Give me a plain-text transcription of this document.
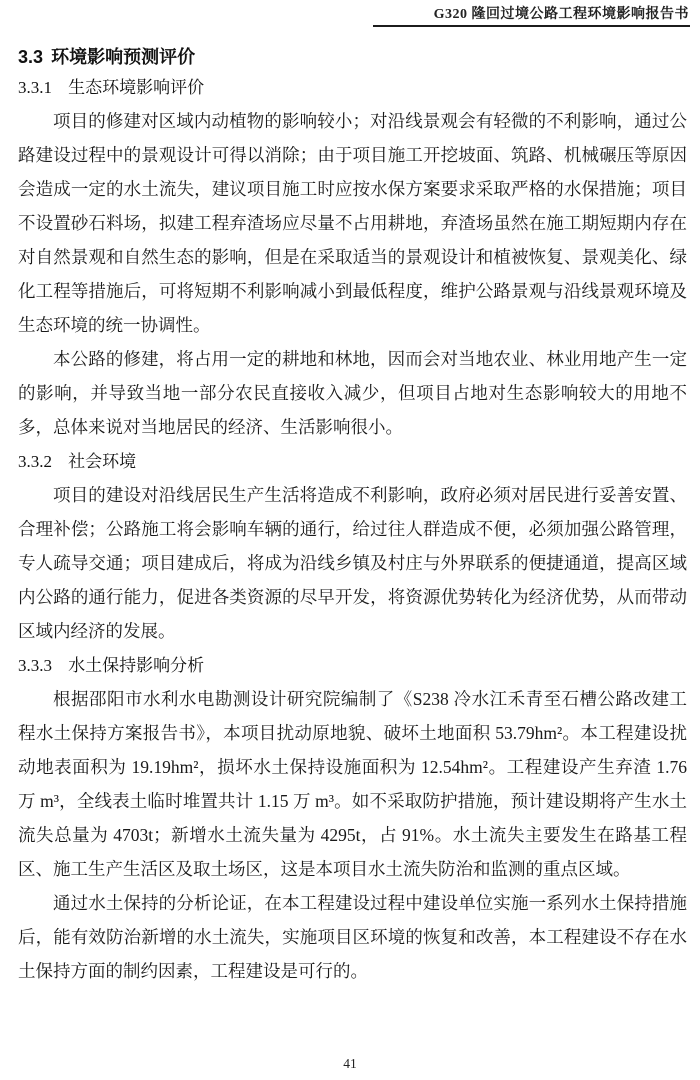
G320 隆回过境公路工程环境影响报告书
3.3 环境影响预测评价
3.3.1 生态环境影响评价

项目的修建对区域内动植物的影响较小；对沿线景观会有轻微的不利影响，通过公路建设过程中的景观设计可得以消除；由于项目施工开挖坡面、筑路、机械碾压等原因会造成一定的水土流失，建议项目施工时应按水保方案要求采取严格的水保措施；项目不设置砂石料场，拟建工程弃渣场应尽量不占用耕地，弃渣场虽然在施工期短期内存在对自然景观和自然生态的影响，但是在采取适当的景观设计和植被恢复、景观美化、绿化工程等措施后，可将短期不利影响减小到最低程度，维护公路景观与沿线景观环境及生态环境的统一协调性。

本公路的修建，将占用一定的耕地和林地，因而会对当地农业、林业用地产生一定的影响，并导致当地一部分农民直接收入减少，但项目占地对生态影响较大的用地不多，总体来说对当地居民的经济、生活影响很小。

3.3.2 社会环境

项目的建设对沿线居民生产生活将造成不利影响，政府必须对居民进行妥善安置、合理补偿；公路施工将会影响车辆的通行，给过往人群造成不便，必须加强公路管理，专人疏导交通；项目建成后，将成为沿线乡镇及村庄与外界联系的便捷通道，提高区域内公路的通行能力，促进各类资源的尽早开发，将资源优势转化为经济优势，从而带动区域内经济的发展。

3.3.3 水土保持影响分析

根据邵阳市水利水电勘测设计研究院编制了《S238 冷水江禾青至石槽公路改建工程水土保持方案报告书》，本项目扰动原地貌、破坏土地面积 53.79hm²。本工程建设扰动地表面积为 19.19hm²，损坏水土保持设施面积为 12.54hm²。工程建设产生弃渣 1.76 万 m³，全线表土临时堆置共计 1.15 万 m³。如不采取防护措施，预计建设期将产生水土流失总量为 4703t；新增水土流失量为 4295t，占 91%。水土流失主要发生在路基工程区、施工生产生活区及取土场区，这是本项目水土流失防治和监测的重点区域。

通过水土保持的分析论证，在本工程建设过程中建设单位实施一系列水土保持措施后，能有效防治新增的水土流失，实施项目区环境的恢复和改善，本工程建设不存在水土保持方面的制约因素，工程建设是可行的。

41
